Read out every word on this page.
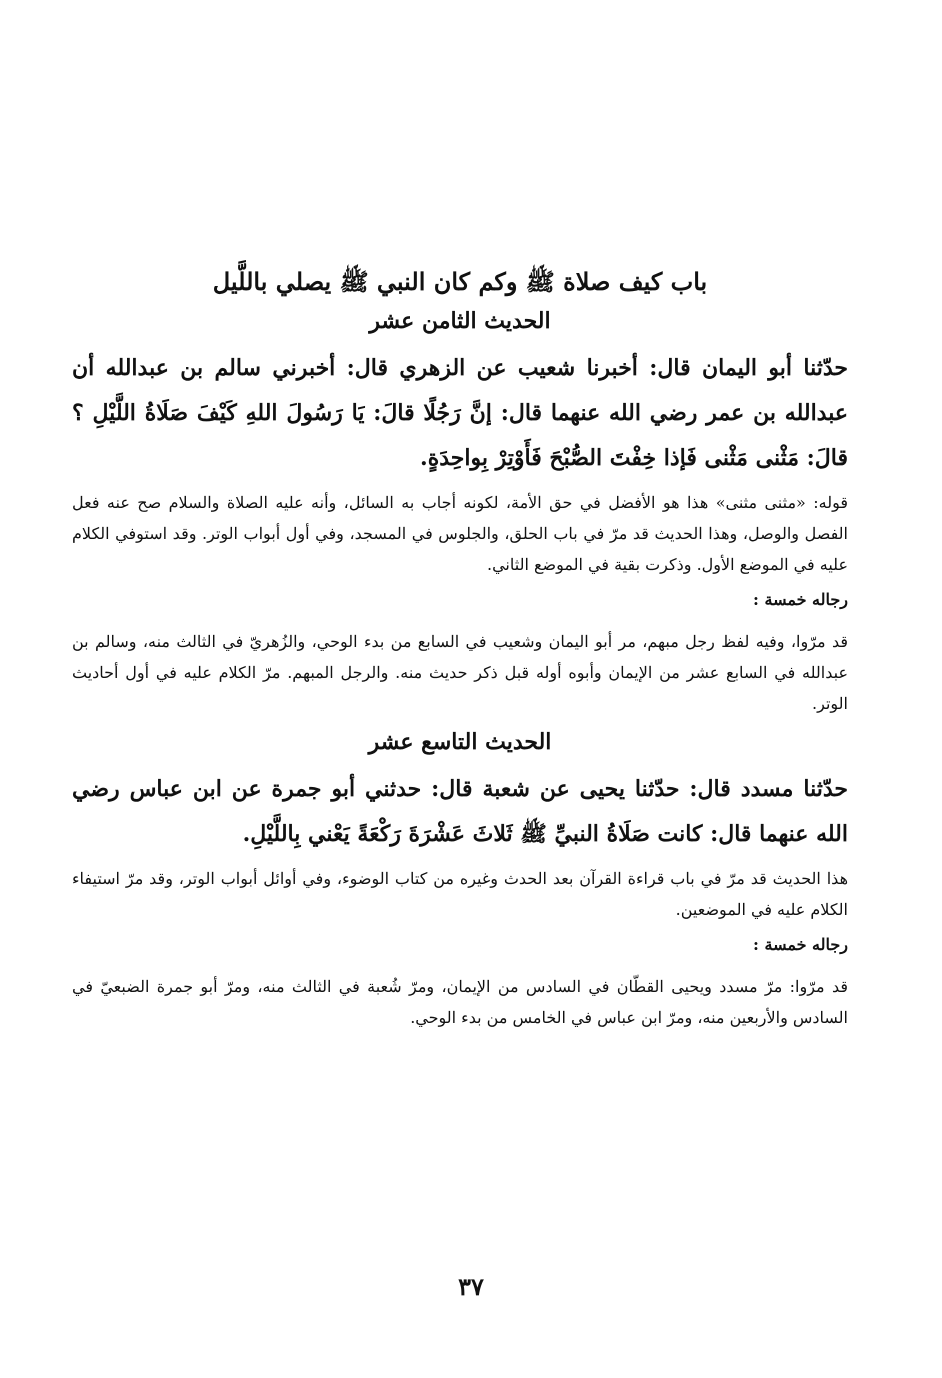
باب كيف صلاة ﷺ وكم كان النبي ﷺ يصلي باللَّيل

الحديث الثامن عشر

حدّثنا أبو اليمان قال: أخبرنا شعيب عن الزهري قال: أخبرني سالم بن عبدالله أن عبدالله بن عمر رضي الله عنهما قال: إنَّ رَجُلًا قالَ: يَا رَسُولَ اللهِ كَيْفَ صَلَاةُ اللَّيْلِ ؟ قالَ: مَثْنى مَثْنى فَإذا خِفْتَ الصُّبْحَ فَأَوْتِرْ بِواحِدَةٍ.

قوله: «مثنى مثنى» هذا هو الأفضل في حق الأمة، لكونه أجاب به السائل، وأنه عليه الصلاة والسلام صح عنه فعل الفصل والوصل، وهذا الحديث قد مرّ في باب الحلق، والجلوس في المسجد، وفي أول أبواب الوتر. وقد استوفي الكلام عليه في الموضع الأول. وذكرت بقية في الموضع الثاني.

رجاله خمسة :

قد مرّوا، وفيه لفظ رجل مبهم، مر أبو اليمان وشعيب في السابع من بدء الوحي، والزُهريّ في الثالث منه، وسالم بن عبدالله في السابع عشر من الإيمان وأبوه أوله قبل ذكر حديث منه. والرجل المبهم. مرّ الكلام عليه في أول أحاديث الوتر.

الحديث التاسع عشر

حدّثنا مسدد قال: حدّثنا يحيى عن شعبة قال: حدثني أبو جمرة عن ابن عباس رضي الله عنهما قال: كانت صَلَاةُ النبيِّ ﷺ ثَلاثَ عَشْرَةَ رَكْعَةً يَعْني بِاللَّيْلِ.

هذا الحديث قد مرّ في باب قراءة القرآن بعد الحدث وغيره من كتاب الوضوء، وفي أوائل أبواب الوتر، وقد مرّ استيفاء الكلام عليه في الموضعين.

رجاله خمسة :

قد مرّوا: مرّ مسدد ويحيى القطّان في السادس من الإيمان، ومرّ شُعبة في الثالث منه، ومرّ أبو جمرة الضبعيّ في السادس والأربعين منه، ومرّ ابن عباس في الخامس من بدء الوحي.

٣٧
